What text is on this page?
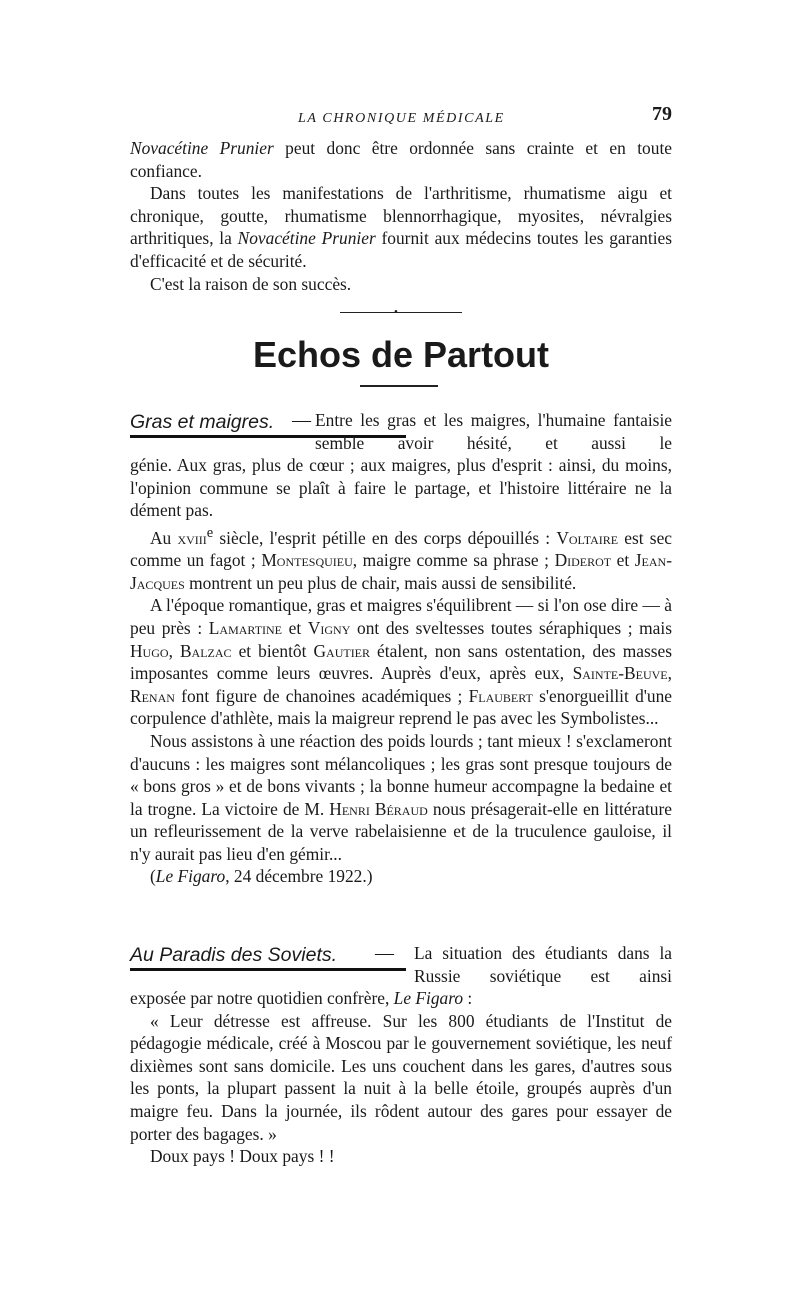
LA CHRONIQUE MÉDICALE	79

Novacétine Prunier peut donc être ordonnée sans crainte et en toute confiance.

Dans toutes les manifestations de l'arthritisme, rhumatisme aigu et chronique, goutte, rhumatisme blennorrhagique, myosites, névralgies arthritiques, la Novacétine Prunier fournit aux médecins toutes les garanties d'efficacité et de sécurité.

C'est la raison de son succès.

•
Echos de Partout
Gras et maigres. — Entre les gras et les maigres, l'humaine fantaisie semble avoir hésité, et aussi le

génie. Aux gras, plus de cœur ; aux maigres, plus d'esprit : ainsi, du moins, l'opinion commune se plaît à faire le partage, et l'histoire littéraire ne la dément pas.

Au xviii$^e$ siècle, l'esprit pétille en des corps dépouillés : Voltaire est sec comme un fagot ; Montesquieu, maigre comme sa phrase ; Diderot et Jean-Jacques montrent un peu plus de chair, mais aussi de sensibilité.

A l'époque romantique, gras et maigres s'équilibrent — si l'on ose dire — à peu près : Lamartine et Vigny ont des sveltesses toutes séraphiques ; mais Hugo, Balzac et bientôt Gautier étalent, non sans ostentation, des masses imposantes comme leurs œuvres. Auprès d'eux, après eux, Sainte-Beuve, Renan font figure de chanoines académiques ; Flaubert s'enorgueillit d'une corpulence d'athlète, mais la maigreur reprend le pas avec les Symbolistes...

Nous assistons à une réaction des poids lourds ; tant mieux ! s'exclameront d'aucuns : les maigres sont mélancoliques ; les gras sont presque toujours de « bons gros » et de bons vivants ; la bonne humeur accompagne la bedaine et la trogne. La victoire de M. Henri Béraud nous présagerait-elle en littérature un refleurissement de la verve rabelaisienne et de la truculence gauloise, il n'y aurait pas lieu d'en gémir...

(Le Figaro, 24 décembre 1922.)

Au Paradis des Soviets. — La situation des étudiants dans la Russie soviétique est ainsi

exposée par notre quotidien confrère, Le Figaro :

« Leur détresse est affreuse. Sur les 800 étudiants de l'Institut de pédagogie médicale, créé à Moscou par le gouvernement soviétique, les neuf dixièmes sont sans domicile. Les uns couchent dans les gares, d'autres sous les ponts, la plupart passent la nuit à la belle étoile, groupés auprès d'un maigre feu. Dans la journée, ils rôdent autour des gares pour essayer de porter des bagages. »

Doux pays ! Doux pays ! !
